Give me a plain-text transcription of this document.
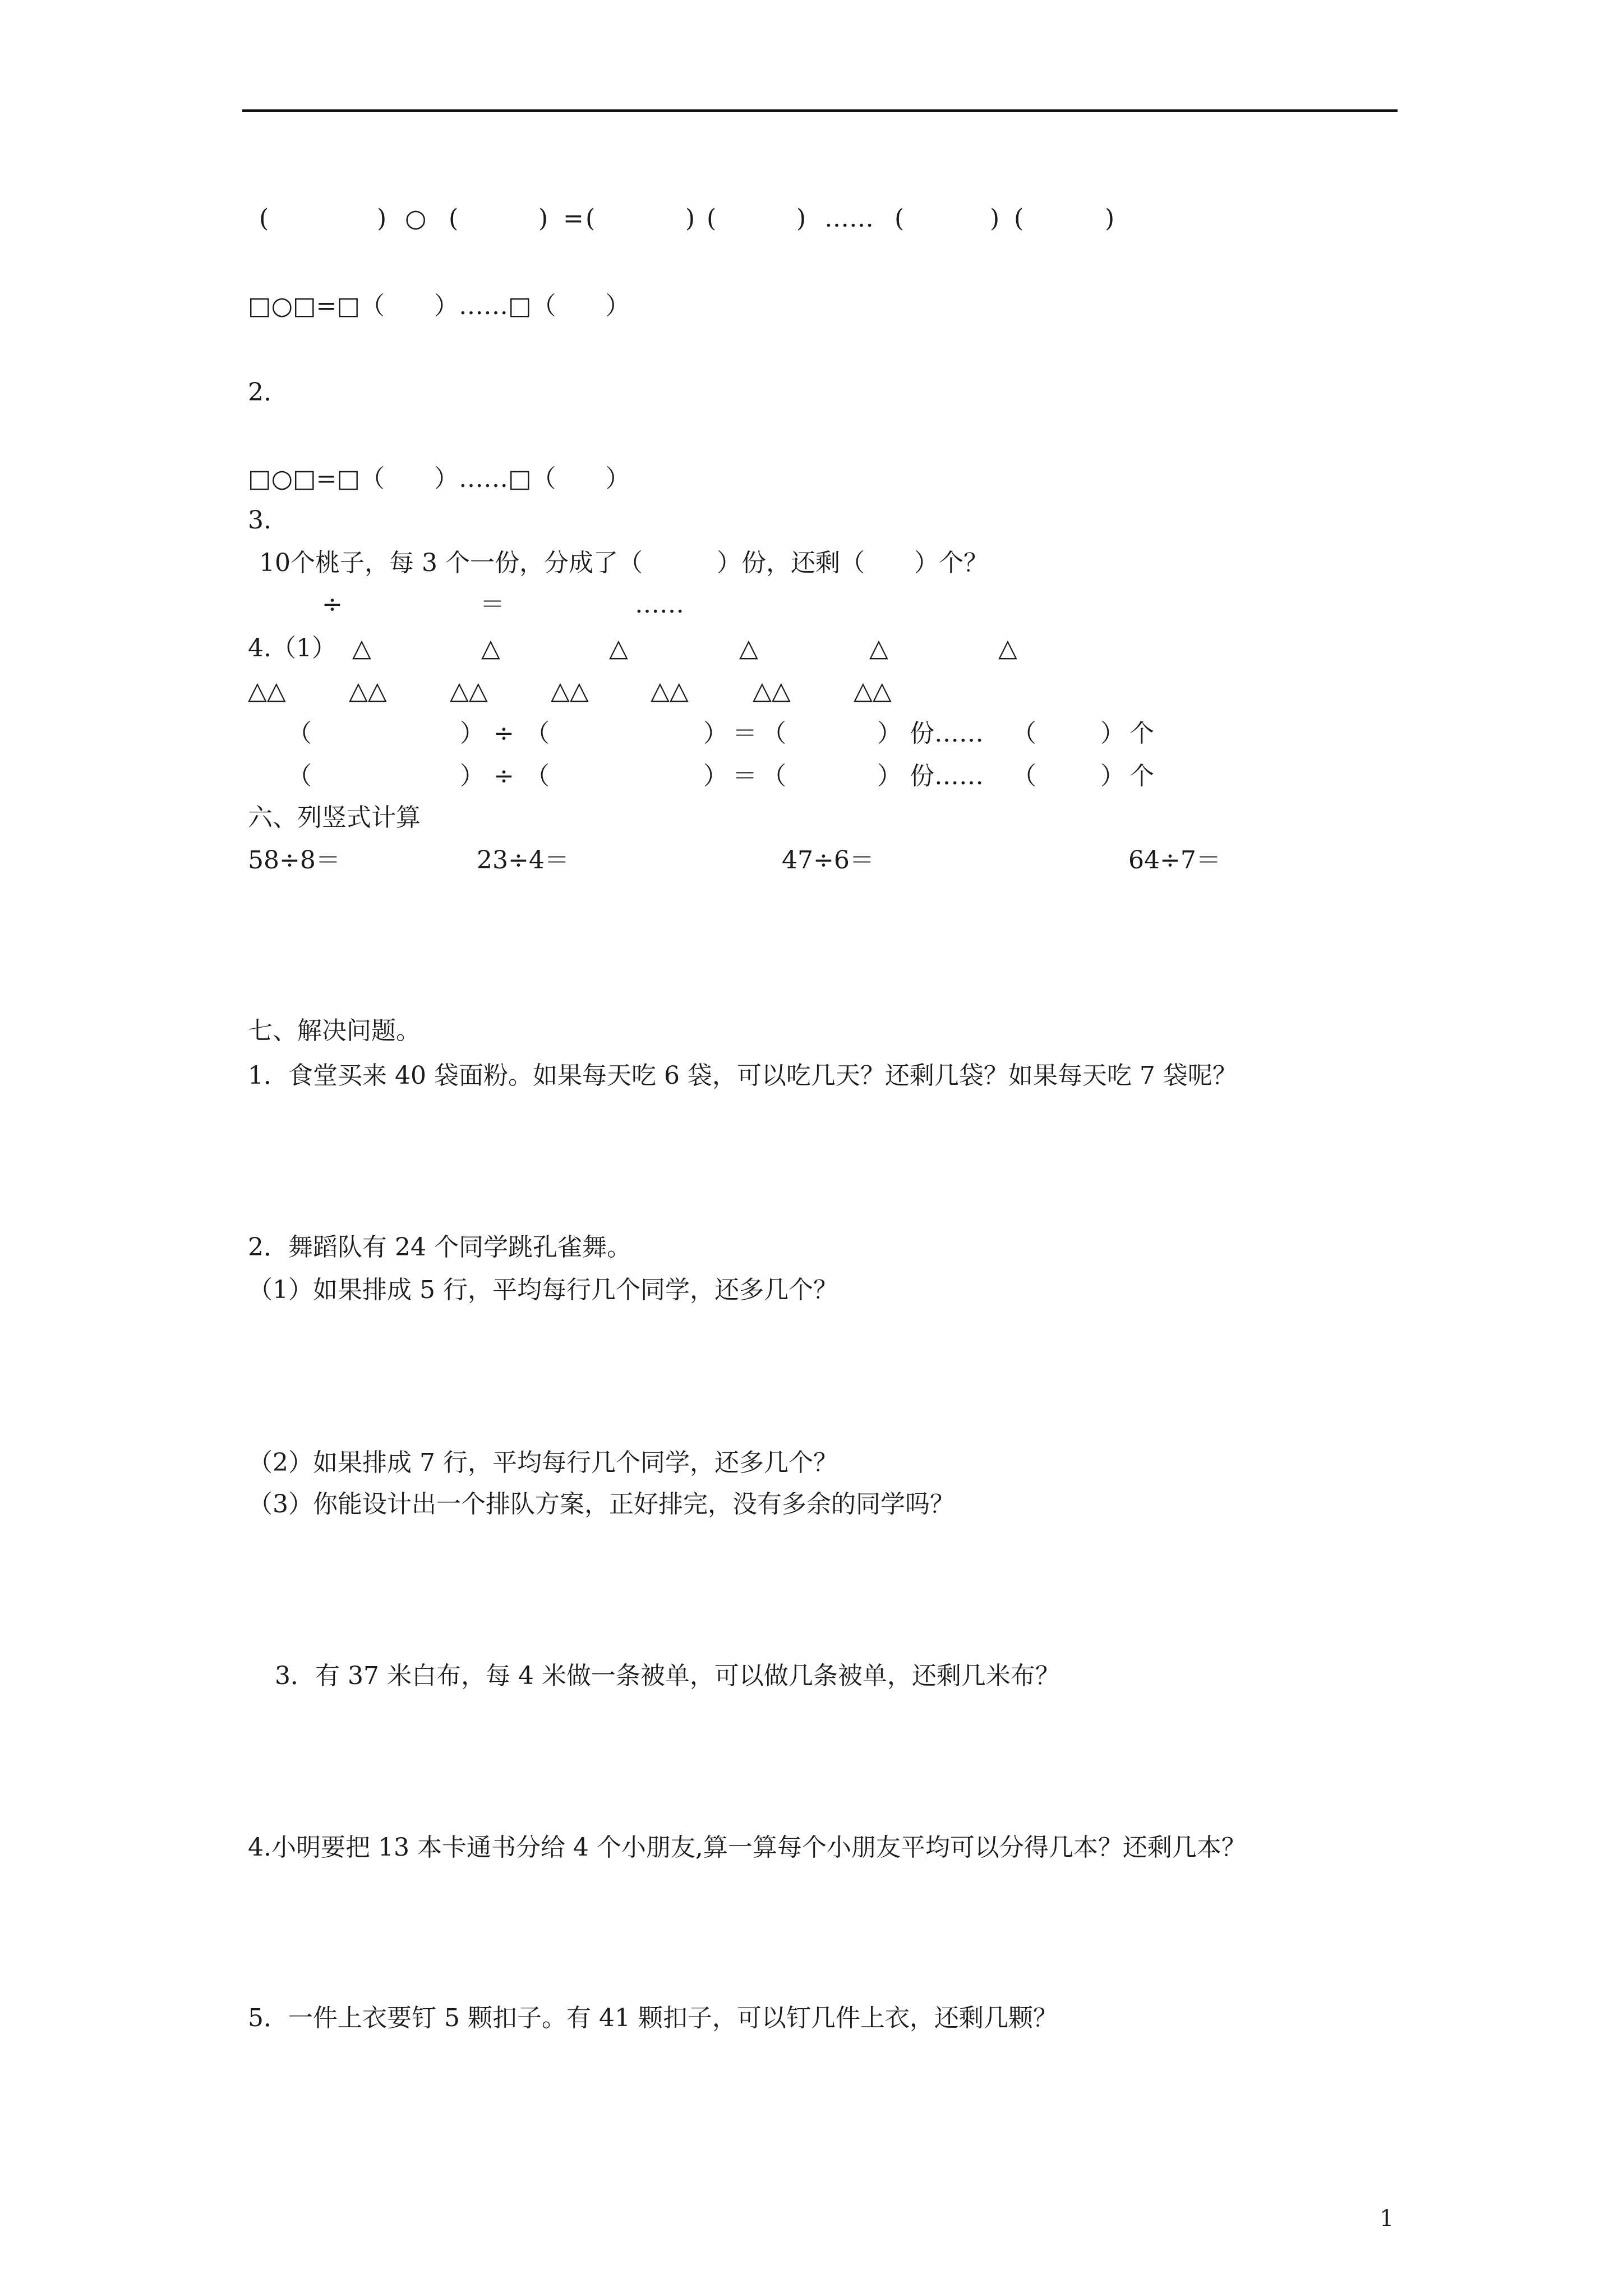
(	) ○ (	) = (	) (	) …… (	) (	)
□○□=□（　　）……□（　　）
2.
□○□=□（　　）……□（　　）
3.
10个桃子，每 3 个一份，分成了（　　　）份，还剩（　　）个？
÷	＝	……
4.（1） △	△	△	△	△	△
△△	△△	△△	△△	△△	△△	△△
（	） ÷ （	） ＝ （	） 份…… （	） 个
（	） ÷ （	） ＝ （	） 份…… （	） 个
六、列竖式计算
58÷8＝	23÷4＝	47÷6＝	64÷7＝
七、解决问题。
1．食堂买来 40 袋面粉。如果每天吃 6 袋，可以吃几天？还剩几袋？如果每天吃 7 袋呢？
2．舞蹈队有 24 个同学跳孔雀舞。
（1）如果排成 5 行，平均每行几个同学，还多几个？
（2）如果排成 7 行，平均每行几个同学，还多几个？
（3）你能设计出一个排队方案，正好排完，没有多余的同学吗？
3．有 37 米白布，每 4 米做一条被单，可以做几条被单，还剩几米布？
4.小明要把 13 本卡通书分给 4 个小朋友,算一算每个小朋友平均可以分得几本？还剩几本？
5．一件上衣要钉 5 颗扣子。有 41 颗扣子，可以钉几件上衣，还剩几颗？
1
